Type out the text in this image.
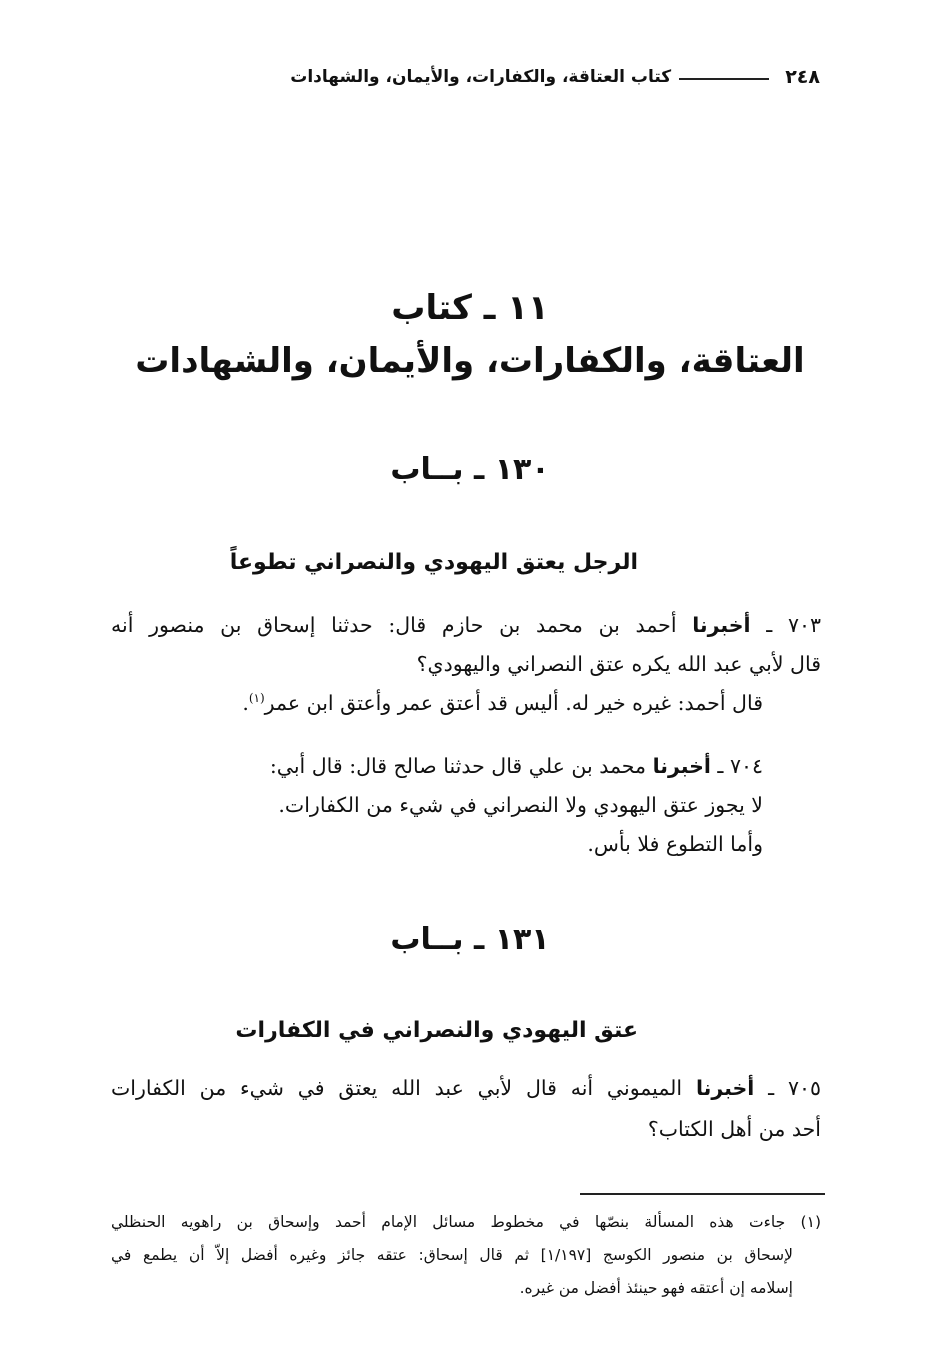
٢٤٨
كتاب العتاقة، والكفارات، والأيمان، والشهادات
١١ ـ كتاب
العتاقة، والكفارات، والأيمان، والشهادات
١٣٠ ـ بــاب
الرجل يعتق اليهودي والنصراني تطوعاً
٧٠٣ ـ أخبرنا أحمد بن محمد بن حازم قال: حدثنا إسحاق بن منصور أنه
قال لأبي عبد الله يكره عتق النصراني واليهودي؟
قال أحمد: غيره خير له. أليس قد أعتق عمر وأعتق ابن عمر$^{(١)}$.
٧٠٤ ـ أخبرنا محمد بن علي قال حدثنا صالح قال: قال أبي:
لا يجوز عتق اليهودي ولا النصراني في شيء من الكفارات.
وأما التطوع فلا بأس.
١٣١ ـ بــاب
عتق اليهودي والنصراني في الكفارات
٧٠٥ ـ أخبرنا الميموني أنه قال لأبي عبد الله يعتق في شيء من الكفارات
أحد من أهل الكتاب؟
(١) جاءت هذه المسألة بنصّها في مخطوط مسائل الإمام أحمد وإسحاق بن راهويه الحنظلي
لإسحاق بن منصور الكوسج [١/١٩٧] ثم قال إسحاق: عتقه جائز وغيره أفضل إلاّ أن يطمع في
إسلامه إن أعتقه فهو حينئذ أفضل من غيره.
